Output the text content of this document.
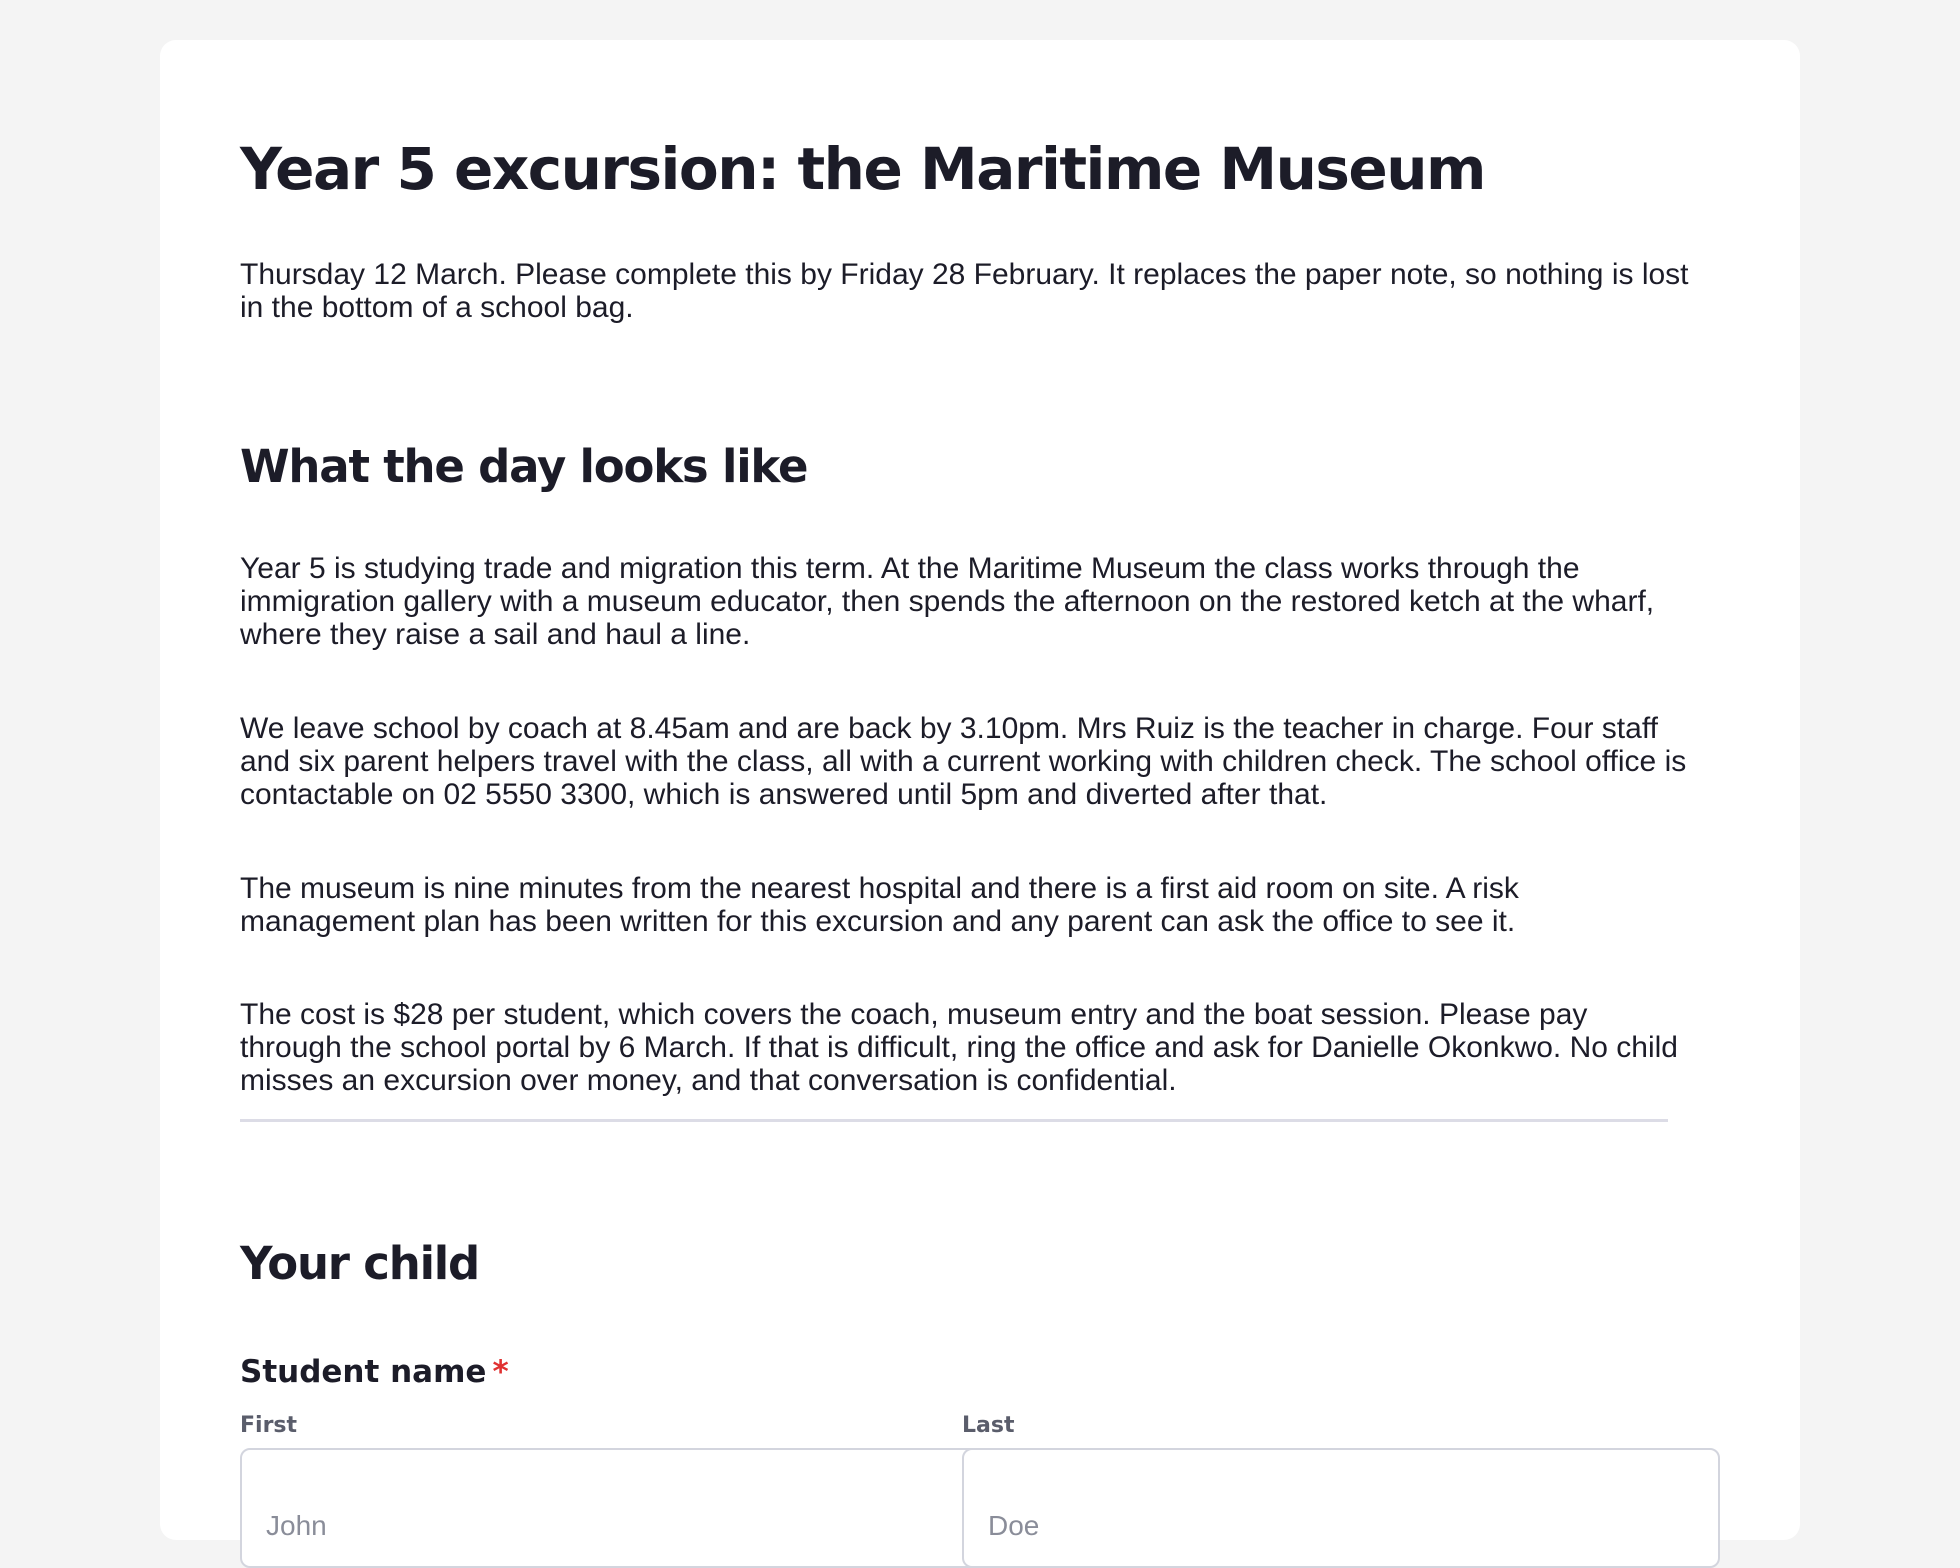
Year 5 excursion: the Maritime Museum

Thursday 12 March. Please complete this by Friday 28 February. It replaces the paper note, so nothing is lost in the bottom of a school bag.

What the day looks like

Year 5 is studying trade and migration this term. At the Maritime Museum the class works through the immigration gallery with a museum educator, then spends the afternoon on the restored ketch at the wharf, where they raise a sail and haul a line.

We leave school by coach at 8.45am and are back by 3.10pm. Mrs Ruiz is the teacher in charge. Four staff and six parent helpers travel with the class, all with a current working with children check. The school office is contactable on 02 5550 3300, which is answered until 5pm and diverted after that.

The museum is nine minutes from the nearest hospital and there is a first aid room on site. A risk management plan has been written for this excursion and any parent can ask the office to see it.

The cost is $28 per student, which covers the coach, museum entry and the boat session. Please pay through the school portal by 6 March. If that is difficult, ring the office and ask for Danielle Okonkwo. No child misses an excursion over money, and that conversation is confidential.

Your child
Student name *
First	Last
John
Doe
